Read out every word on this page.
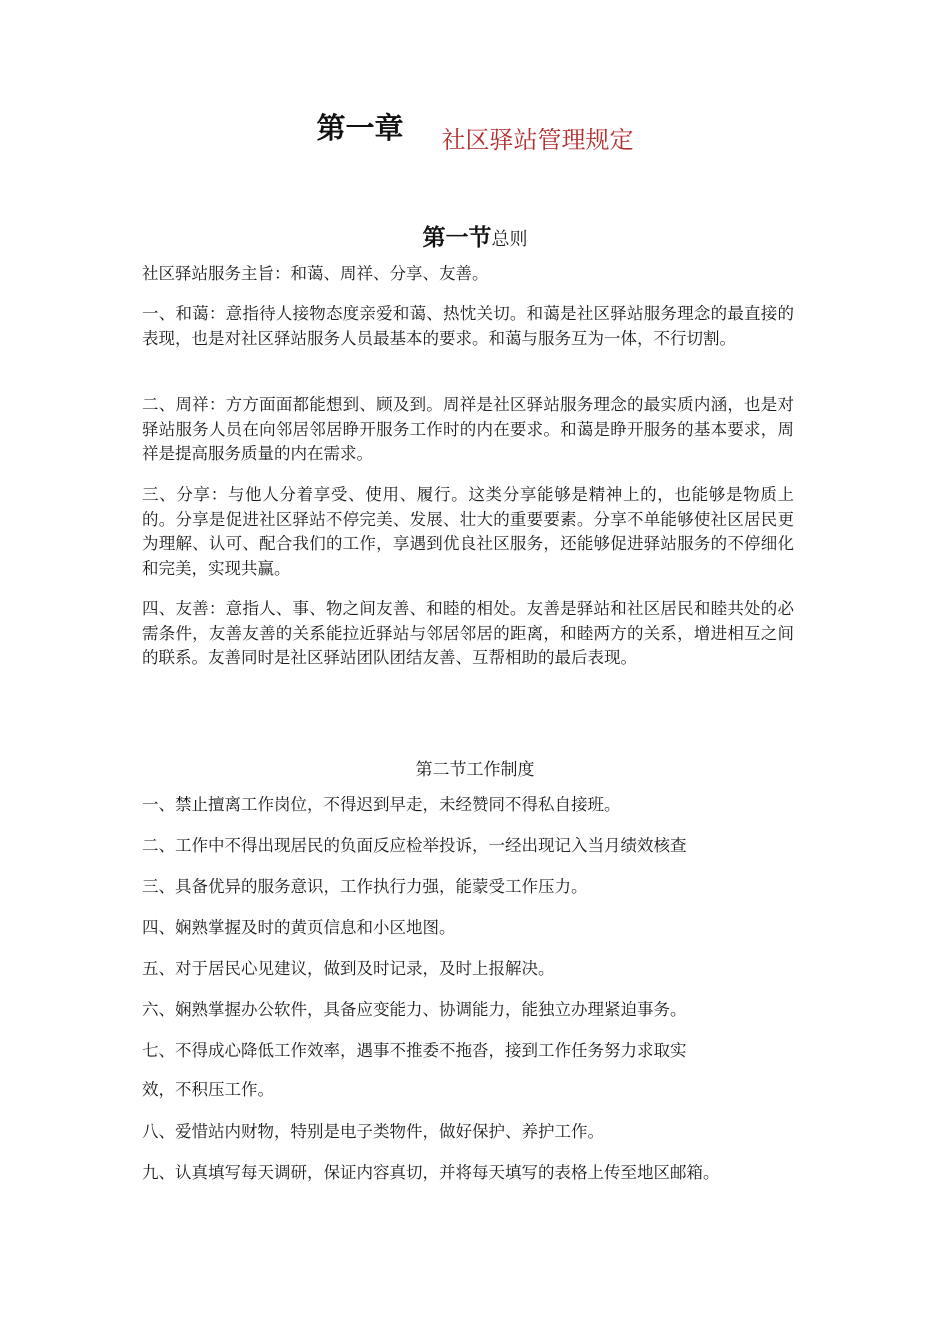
第一章 社区驿站管理规定
第一节总则
社区驿站服务主旨：和蔼、周祥、分享、友善。
一、和蔼：意指待人接物态度亲爱和蔼、热忱关切。和蔼是社区驿站服务理念的最直接的表现，也是对社区驿站服务人员最基本的要求。和蔼与服务互为一体，不行切割。
二、周祥：方方面面都能想到、顾及到。周祥是社区驿站服务理念的最实质内涵，也是对驿站服务人员在向邻居邻居睁开服务工作时的内在要求。和蔼是睁开服务的基本要求，周祥是提高服务质量的内在需求。
三、分享：与他人分着享受、使用、履行。这类分享能够是精神上的，也能够是物质上的。分享是促进社区驿站不停完美、发展、壮大的重要要素。分享不单能够使社区居民更为理解、认可、配合我们的工作，享遇到优良社区服务，还能够促进驿站服务的不停细化和完美，实现共赢。
四、友善：意指人、事、物之间友善、和睦的相处。友善是驿站和社区居民和睦共处的必需条件，友善友善的关系能拉近驿站与邻居邻居的距离，和睦两方的关系，增进相互之间的联系。友善同时是社区驿站团队团结友善、互帮相助的最后表现。
第二节工作制度
一、禁止擅离工作岗位，不得迟到早走，未经赞同不得私自接班。
二、工作中不得出现居民的负面反应检举投诉，一经出现记入当月绩效核查
三、具备优异的服务意识，工作执行力强，能蒙受工作压力。
四、娴熟掌握及时的黄页信息和小区地图。
五、对于居民心见建议，做到及时记录，及时上报解决。
六、娴熟掌握办公软件，具备应变能力、协调能力，能独立办理紧迫事务。
七、不得成心降低工作效率，遇事不推委不拖沓，接到工作任务努力求取实
效，不积压工作。
八、爱惜站内财物，特别是电子类物件，做好保护、养护工作。
九、认真填写每天调研，保证内容真切，并将每天填写的表格上传至地区邮箱。
